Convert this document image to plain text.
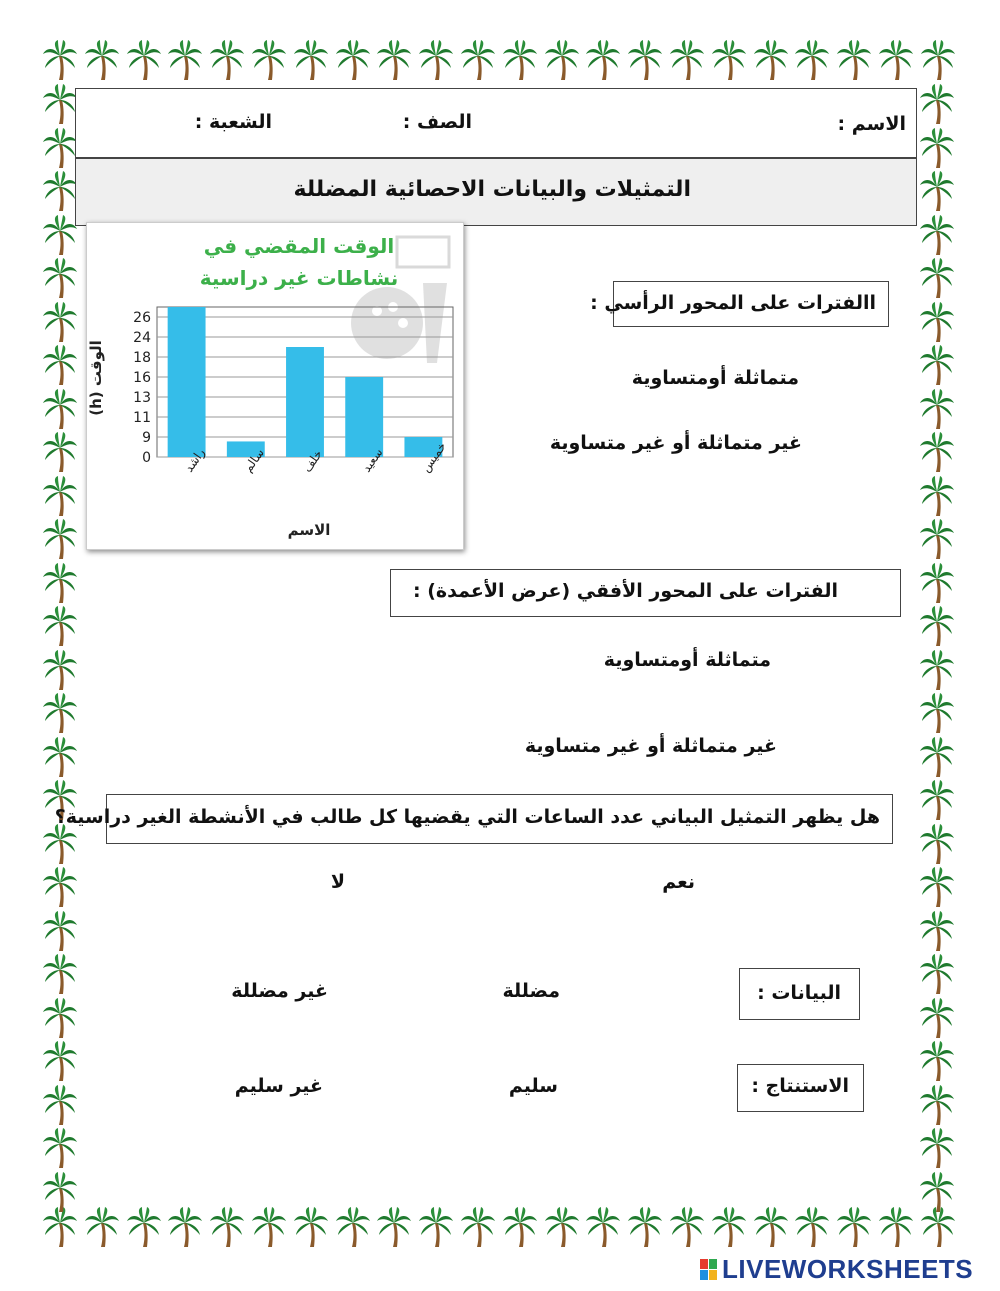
الاسم :
الصف :
الشعبة :
التمثيلات والبيانات الاحصائية المضللة
الوقت المقضي في
نشاطات غير دراسية
0
9
11
13
16
18
24
26
راشد	سالم	خلف	سعيد	خميس
الوقت (h)
الاسم
االفترات على المحور الرأسي :
متماثلة أومتساوية
غير متماثلة أو غير متساوية
الفترات على المحور الأفقي (عرض الأعمدة) :
متماثلة أومتساوية
غير متماثلة أو غير متساوية
هل يظهر التمثيل البياني عدد الساعات التي يقضيها كل طالب في الأنشطة الغير دراسية؟
نعم
لا
البيانات :
مضللة
غير مضللة
الاستنتاج :
سليم
غير سليم
LIVEWORKSHEETS
